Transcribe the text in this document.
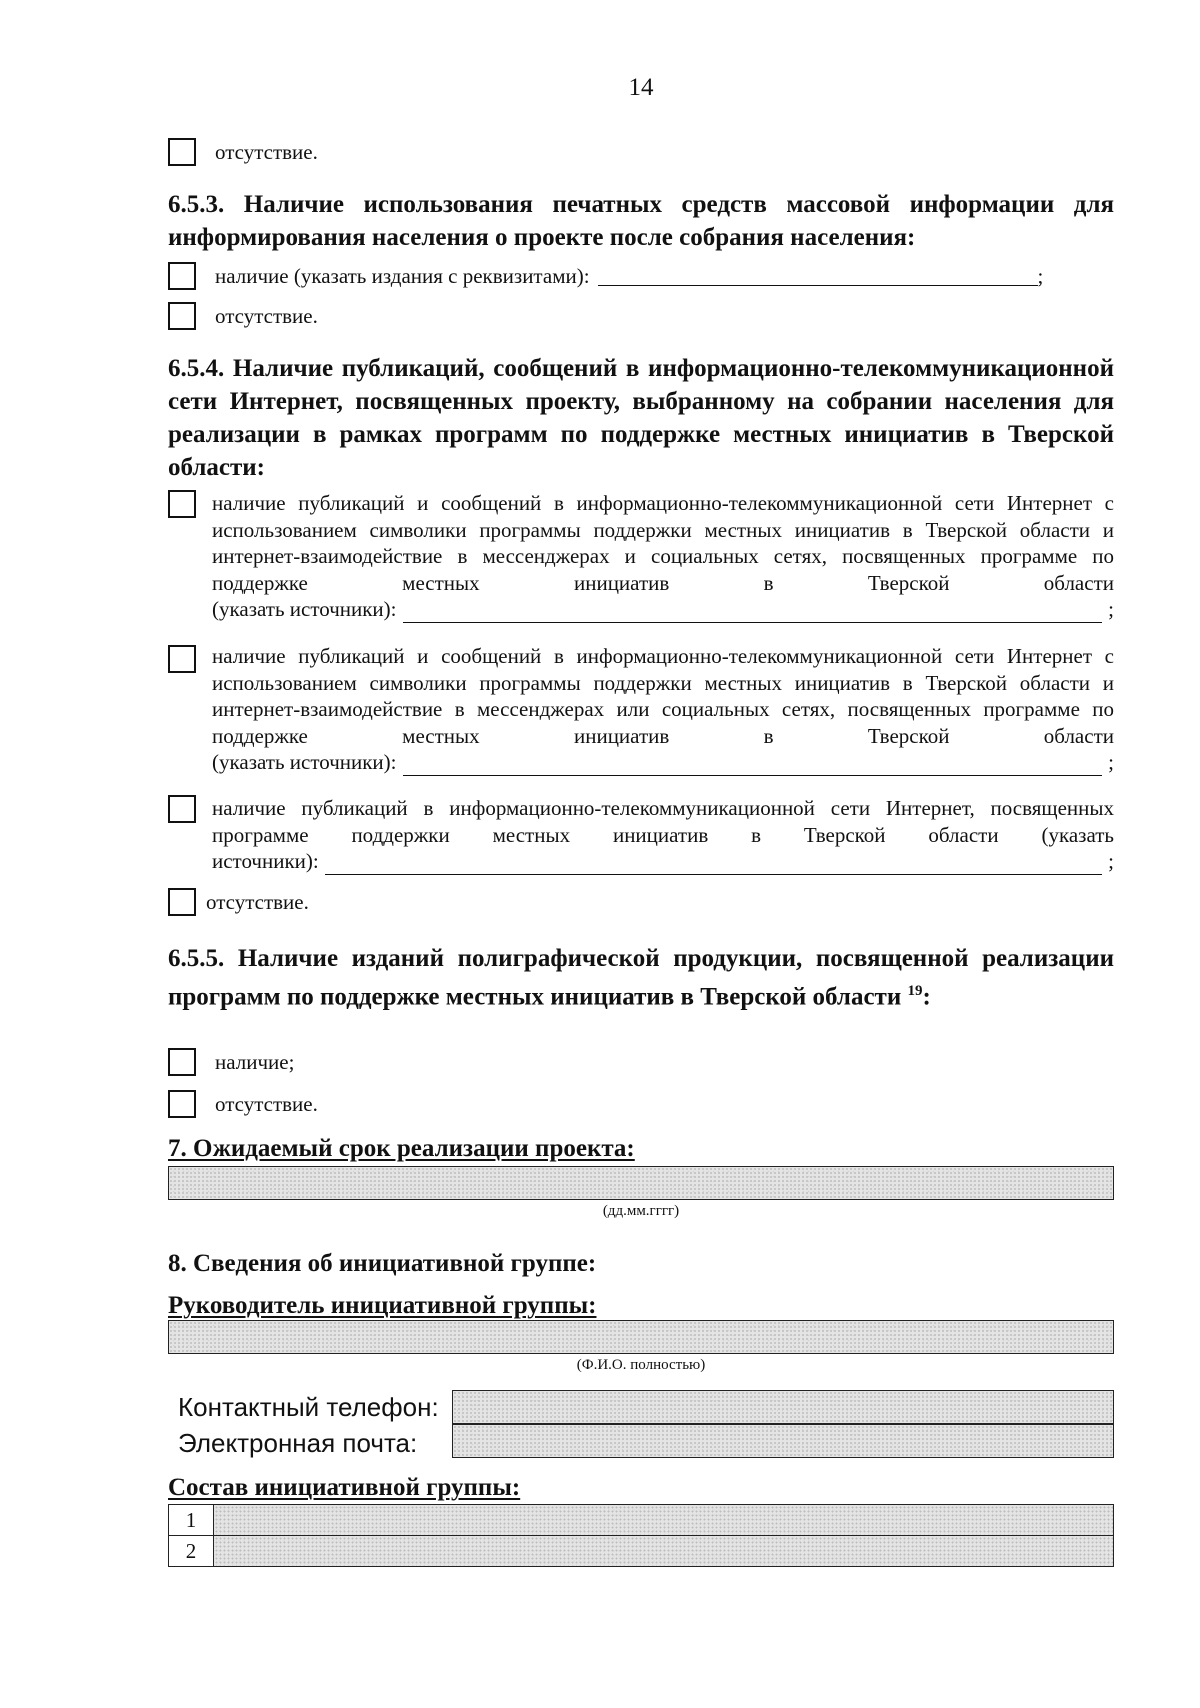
14
отсутствие.
6.5.3. Наличие использования печатных средств массовой информации для информирования населения о проекте после собрания населения:
наличие (указать издания с реквизитами):	;
отсутствие.
6.5.4. Наличие публикаций, сообщений в информационно-телекоммуникационной сети Интернет, посвященных проекту, выбранному на собрании населения для реализации в рамках программ по поддержке местных инициатив в Тверской области:
наличие публикаций и сообщений в информационно-телекоммуникационной сети Интернет с использованием символики программы поддержки местных инициатив в Тверской области и интернет-взаимодействие в мессенджерах и социальных сетях, посвященных программе по поддержке местных инициатив в Тверской области
(указать источники):	;
наличие публикаций и сообщений в информационно-телекоммуникационной сети Интернет с использованием символики программы поддержки местных инициатив в Тверской области и интернет-взаимодействие в мессенджерах или социальных сетях, посвященных программе по поддержке местных инициатив в Тверской области
(указать источники):	;
наличие публикаций в информационно-телекоммуникационной сети Интернет, посвященных программе поддержки местных инициатив в Тверской области (указать
источники):	;
отсутствие.
6.5.5. Наличие изданий полиграфической продукции, посвященной реализации программ по поддержке местных инициатив в Тверской области $^{19}$:
наличие;
отсутствие.
7. Ожидаемый срок реализации проекта:
(дд.мм.гггг)
8. Сведения об инициативной группе:
Руководитель инициативной группы:
(Ф.И.О. полностью)
Контактный телефон:
Электронная почта:
Состав инициативной группы:
1	
2	
